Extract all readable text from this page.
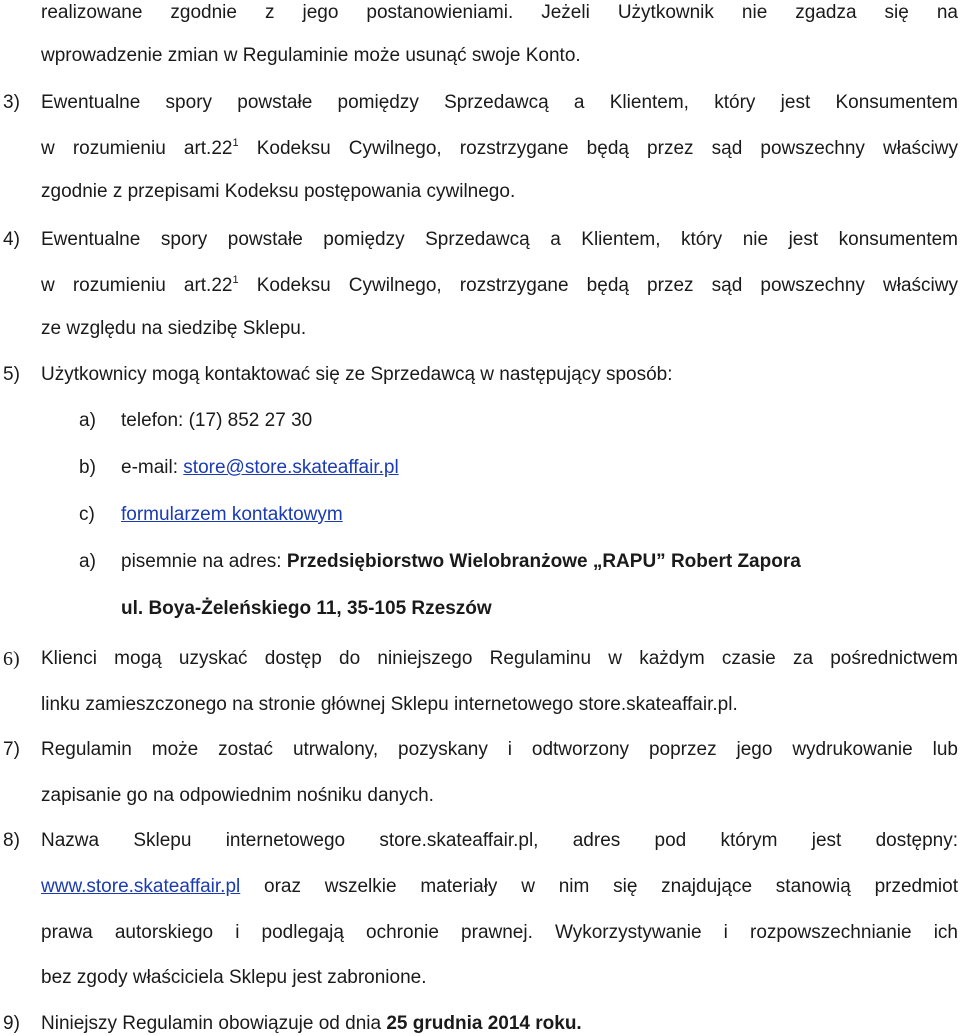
realizowane zgodnie z jego postanowieniami. Jeżeli Użytkownik nie zgadza się na
wprowadzenie zmian w Regulaminie może usunąć swoje Konto.
3) Ewentualne spory powstałe pomiędzy Sprzedawcą a Klientem, który jest Konsumentem
w rozumieniu $art.22^1$ Kodeksu Cywilnego, rozstrzygane będą przez sąd powszechny właściwy
zgodnie z przepisami Kodeksu postępowania cywilnego.
4) Ewentualne spory powstałe pomiędzy Sprzedawcą a Klientem, który nie jest konsumentem
w rozumieniu $art.22^1$ Kodeksu Cywilnego, rozstrzygane będą przez sąd powszechny właściwy
ze względu na siedzibę Sklepu.
5) Użytkownicy mogą kontaktować się ze Sprzedawcą w następujący sposób:
a) telefon: (17) 852 27 30
b) e-mail: store@store.skateaffair.pl
c) formularzem kontaktowym
a) pisemnie na adres: Przedsiębiorstwo Wielobranżowe „RAPU” Robert Zapora
ul. Boya-Żeleńskiego 11, 35-105 Rzeszów
6) Klienci mogą uzyskać dostęp do niniejszego Regulaminu w każdym czasie za pośrednictwem
linku zamieszczonego na stronie głównej Sklepu internetowego store.skateaffair.pl.
7) Regulamin może zostać utrwalony, pozyskany i odtworzony poprzez jego wydrukowanie lub
zapisanie go na odpowiednim nośniku danych.
8) Nazwa Sklepu internetowego store.skateaffair.pl, adres pod którym jest dostępny:
www.store.skateaffair.pl oraz wszelkie materiały w nim się znajdujące stanowią przedmiot
prawa autorskiego i podlegają ochronie prawnej. Wykorzystywanie i rozpowszechnianie ich
bez zgody właściciela Sklepu jest zabronione.
9) Niniejszy Regulamin obowiązuje od dnia 25 grudnia 2014 roku.
